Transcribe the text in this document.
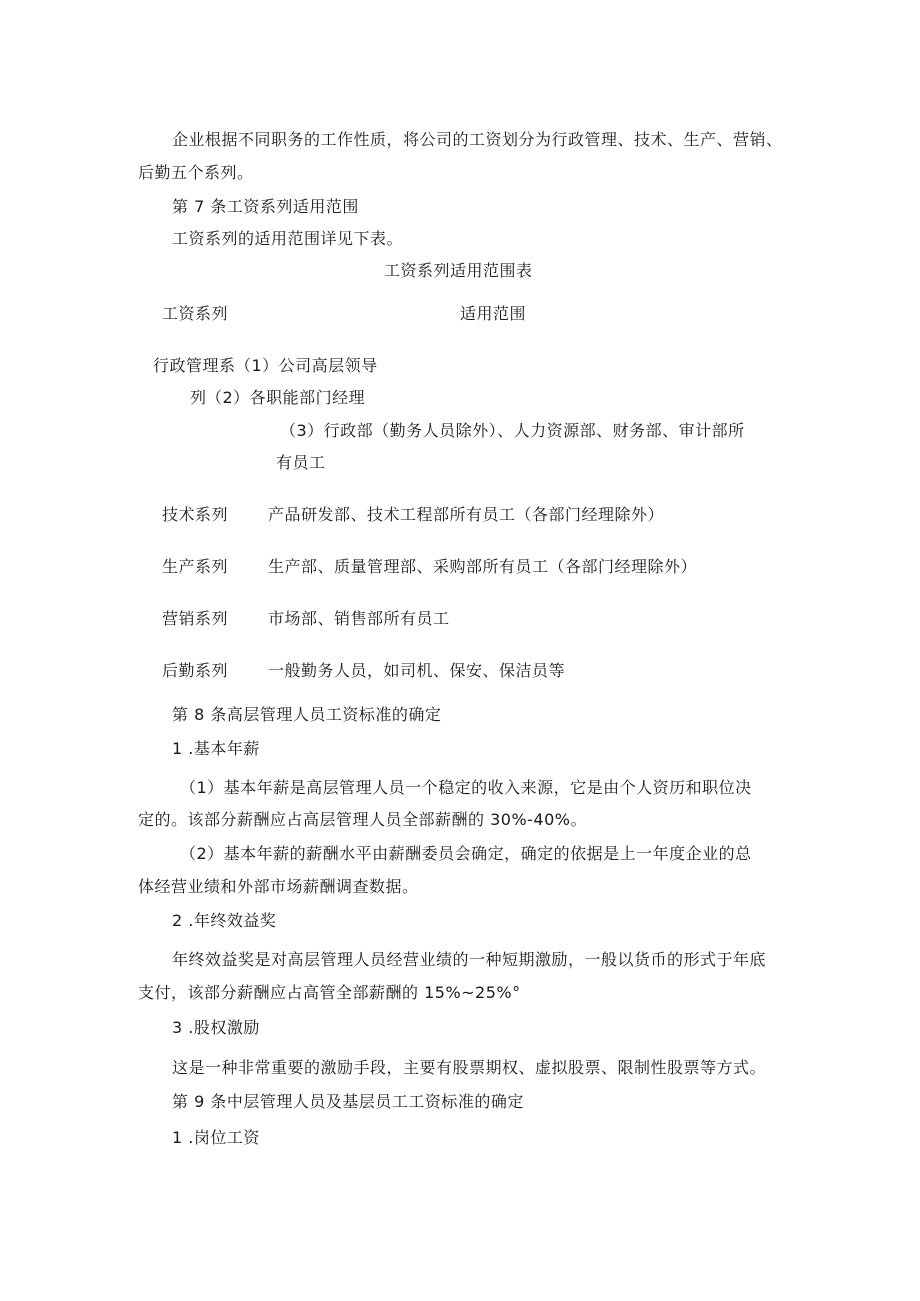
企业根据不同职务的工作性质，将公司的工资划分为行政管理、技术、生产、营销、
后勤五个系列。
第 7 条工资系列适用范围
工资系列的适用范围详见下表。
工资系列适用范围表
工资系列	适用范围
行政管理系 （1）公司高层领导
列 （2）各职能部门经理
（3）行政部（勤务人员除外）、人力资源部、财务部、审计部所
有员工
技术系列 产品研发部、技术工程部所有员工（各部门经理除外）
生产系列 生产部、质量管理部、采购部所有员工（各部门经理除外）
营销系列 市场部、销售部所有员工
后勤系列 一般勤务人员，如司机、保安、保洁员等
第 8 条高层管理人员工资标准的确定
1 .基本年薪
（1）基本年薪是高层管理人员一个稳定的收入来源，它是由个人资历和职位决
定的。该部分薪酬应占高层管理人员全部薪酬的 30%-40%。
（2）基本年薪的薪酬水平由薪酬委员会确定，确定的依据是上一年度企业的总
体经营业绩和外部市场薪酬调查数据。
2 .年终效益奖
年终效益奖是对高层管理人员经营业绩的一种短期激励，一般以货币的形式于年底
支付，该部分薪酬应占高管全部薪酬的 15%~25%°
3 .股权激励
这是一种非常重要的激励手段，主要有股票期权、虚拟股票、限制性股票等方式。
第 9 条中层管理人员及基层员工工资标准的确定
1 .岗位工资
